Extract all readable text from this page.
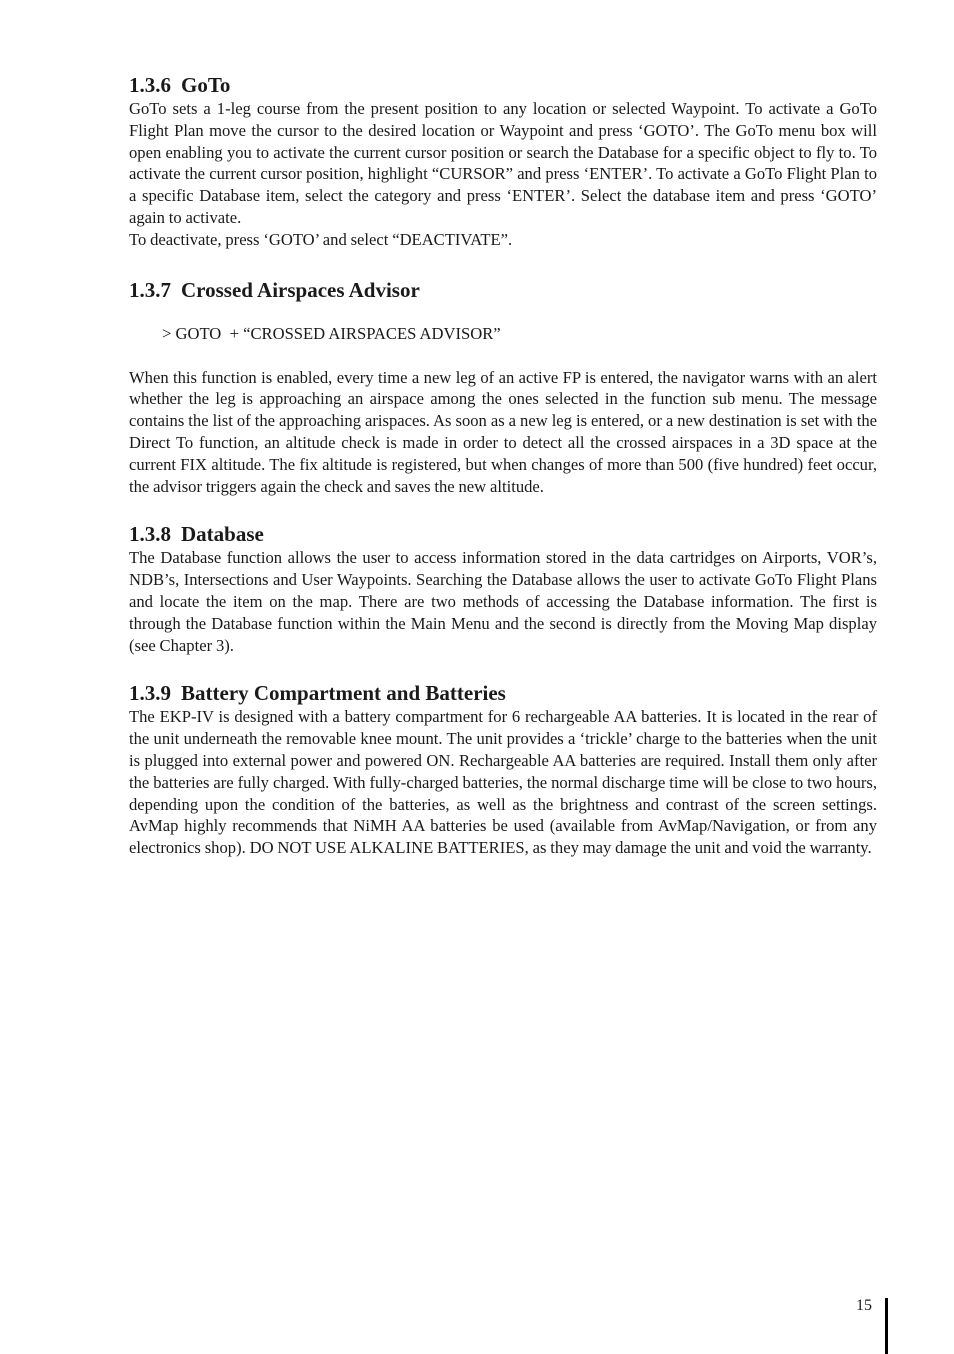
1.3.6 GoTo

GoTo sets a 1-leg course from the present position to any location or selected Waypoint. To activate a GoTo Flight Plan move the cursor to the desired location or Waypoint and press ‘GOTO’. The GoTo menu box will open enabling you to activate the current cursor position or search the Database for a specific object to fly to. To activate the current cursor position, highlight “CURSOR” and press ‘ENTER’. To activate a GoTo Flight Plan to a specific Database item, select the category and press ‘ENTER’. Select the database item and press ‘GOTO’ again to activate.

To deactivate, press ‘GOTO’ and select “DEACTIVATE”.

1.3.7 Crossed Airspaces Advisor
> GOTO  + “CROSSED AIRSPACES ADVISOR”

When this function is enabled, every time a new leg of an active FP is entered, the navigator warns with an alert whether the leg is approaching an airspace among the ones selected in the function sub menu. The message contains the list of the approaching arispaces. As soon as a new leg is entered, or a new destination is set with the Direct To function, an altitude check is made in order to detect all the crossed airspaces in a 3D space at the current FIX altitude. The fix altitude is registered, but when changes of more than 500 (five hundred) feet occur, the advisor triggers again the check and saves the new altitude.

1.3.8 Database

The Database function allows the user to access information stored in the data cartridges on Airports, VOR’s, NDB’s, Intersections and User Waypoints. Searching the Database allows the user to activate GoTo Flight Plans and locate the item on the map. There are two methods of accessing the Database information. The first is through the Database function within the Main Menu and the second is directly from the Moving Map display (see Chapter 3).

1.3.9 Battery Compartment and Batteries

The EKP-IV is designed with a battery compartment for 6 rechargeable AA batteries. It is located in the rear of the unit underneath the removable knee mount. The unit provides a ‘trickle’ charge to the batteries when the unit is plugged into external power and powered ON. Rechargeable AA batteries are required. Install them only after the batteries are fully charged. With fully-charged batteries, the normal discharge time will be close to two hours, depending upon the condition of the batteries, as well as the brightness and contrast of the screen settings. AvMap highly recommends that NiMH AA batteries be used (available from AvMap/Navigation, or from any electronics shop). DO NOT USE ALKALINE BATTERIES, as they may damage the unit and void the warranty.

15
